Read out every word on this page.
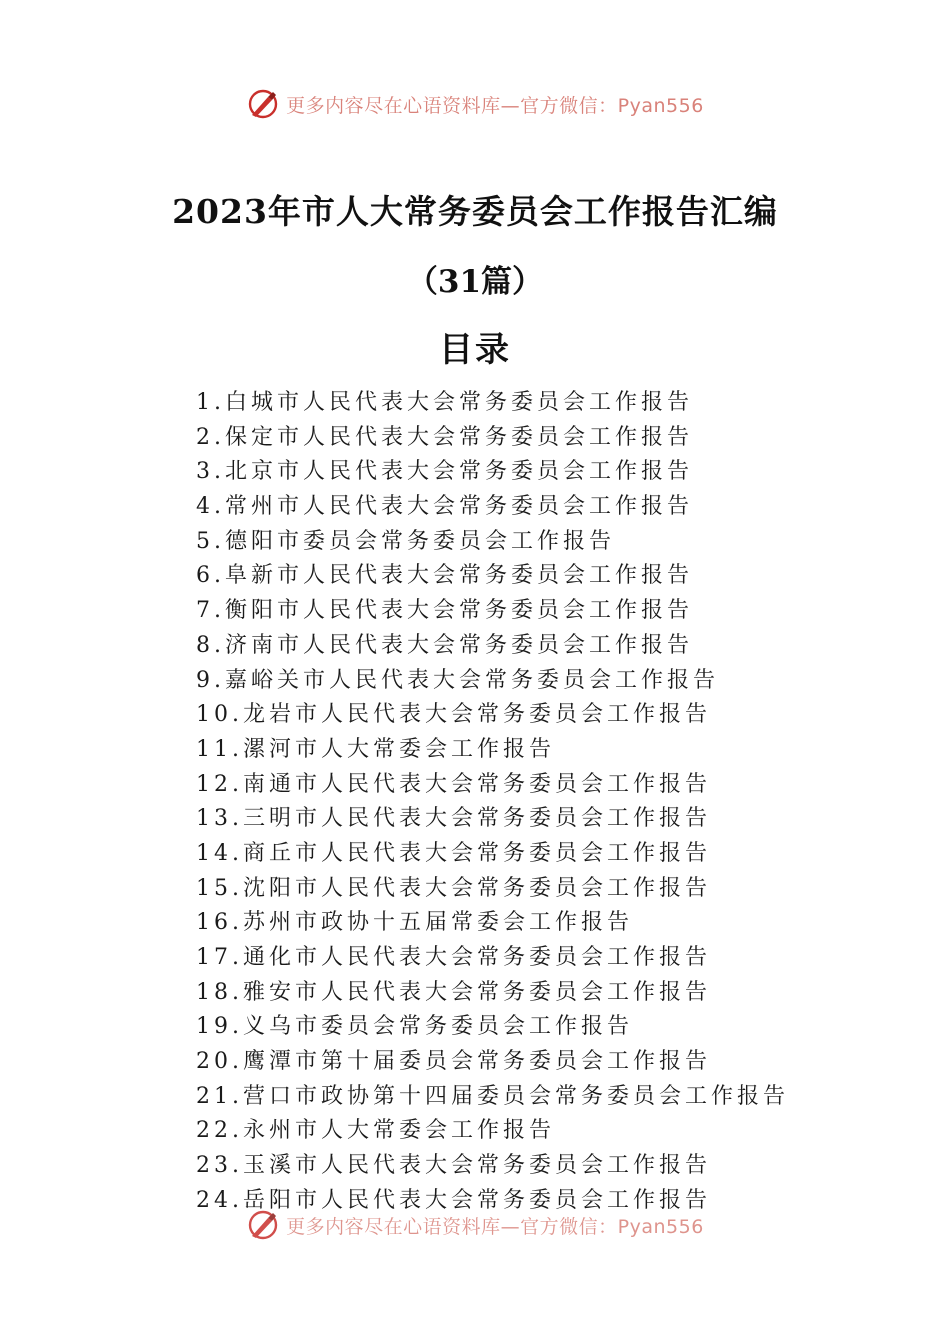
更多内容尽在心语资料库—官方微信：Pyan556
2023年市人大常务委员会工作报告汇编
（31篇）
目录
1.白城市人民代表大会常务委员会工作报告
2.保定市人民代表大会常务委员会工作报告
3.北京市人民代表大会常务委员会工作报告
4.常州市人民代表大会常务委员会工作报告
5.德阳市委员会常务委员会工作报告
6.阜新市人民代表大会常务委员会工作报告
7.衡阳市人民代表大会常务委员会工作报告
8.济南市人民代表大会常务委员会工作报告
9.嘉峪关市人民代表大会常务委员会工作报告
10.龙岩市人民代表大会常务委员会工作报告
11.漯河市人大常委会工作报告
12.南通市人民代表大会常务委员会工作报告
13.三明市人民代表大会常务委员会工作报告
14.商丘市人民代表大会常务委员会工作报告
15.沈阳市人民代表大会常务委员会工作报告
16.苏州市政协十五届常委会工作报告
17.通化市人民代表大会常务委员会工作报告
18.雅安市人民代表大会常务委员会工作报告
19.义乌市委员会常务委员会工作报告
20.鹰潭市第十届委员会常务委员会工作报告
21.营口市政协第十四届委员会常务委员会工作报告
22.永州市人大常委会工作报告
23.玉溪市人民代表大会常务委员会工作报告
24.岳阳市人民代表大会常务委员会工作报告
更多内容尽在心语资料库—官方微信：Pyan556
